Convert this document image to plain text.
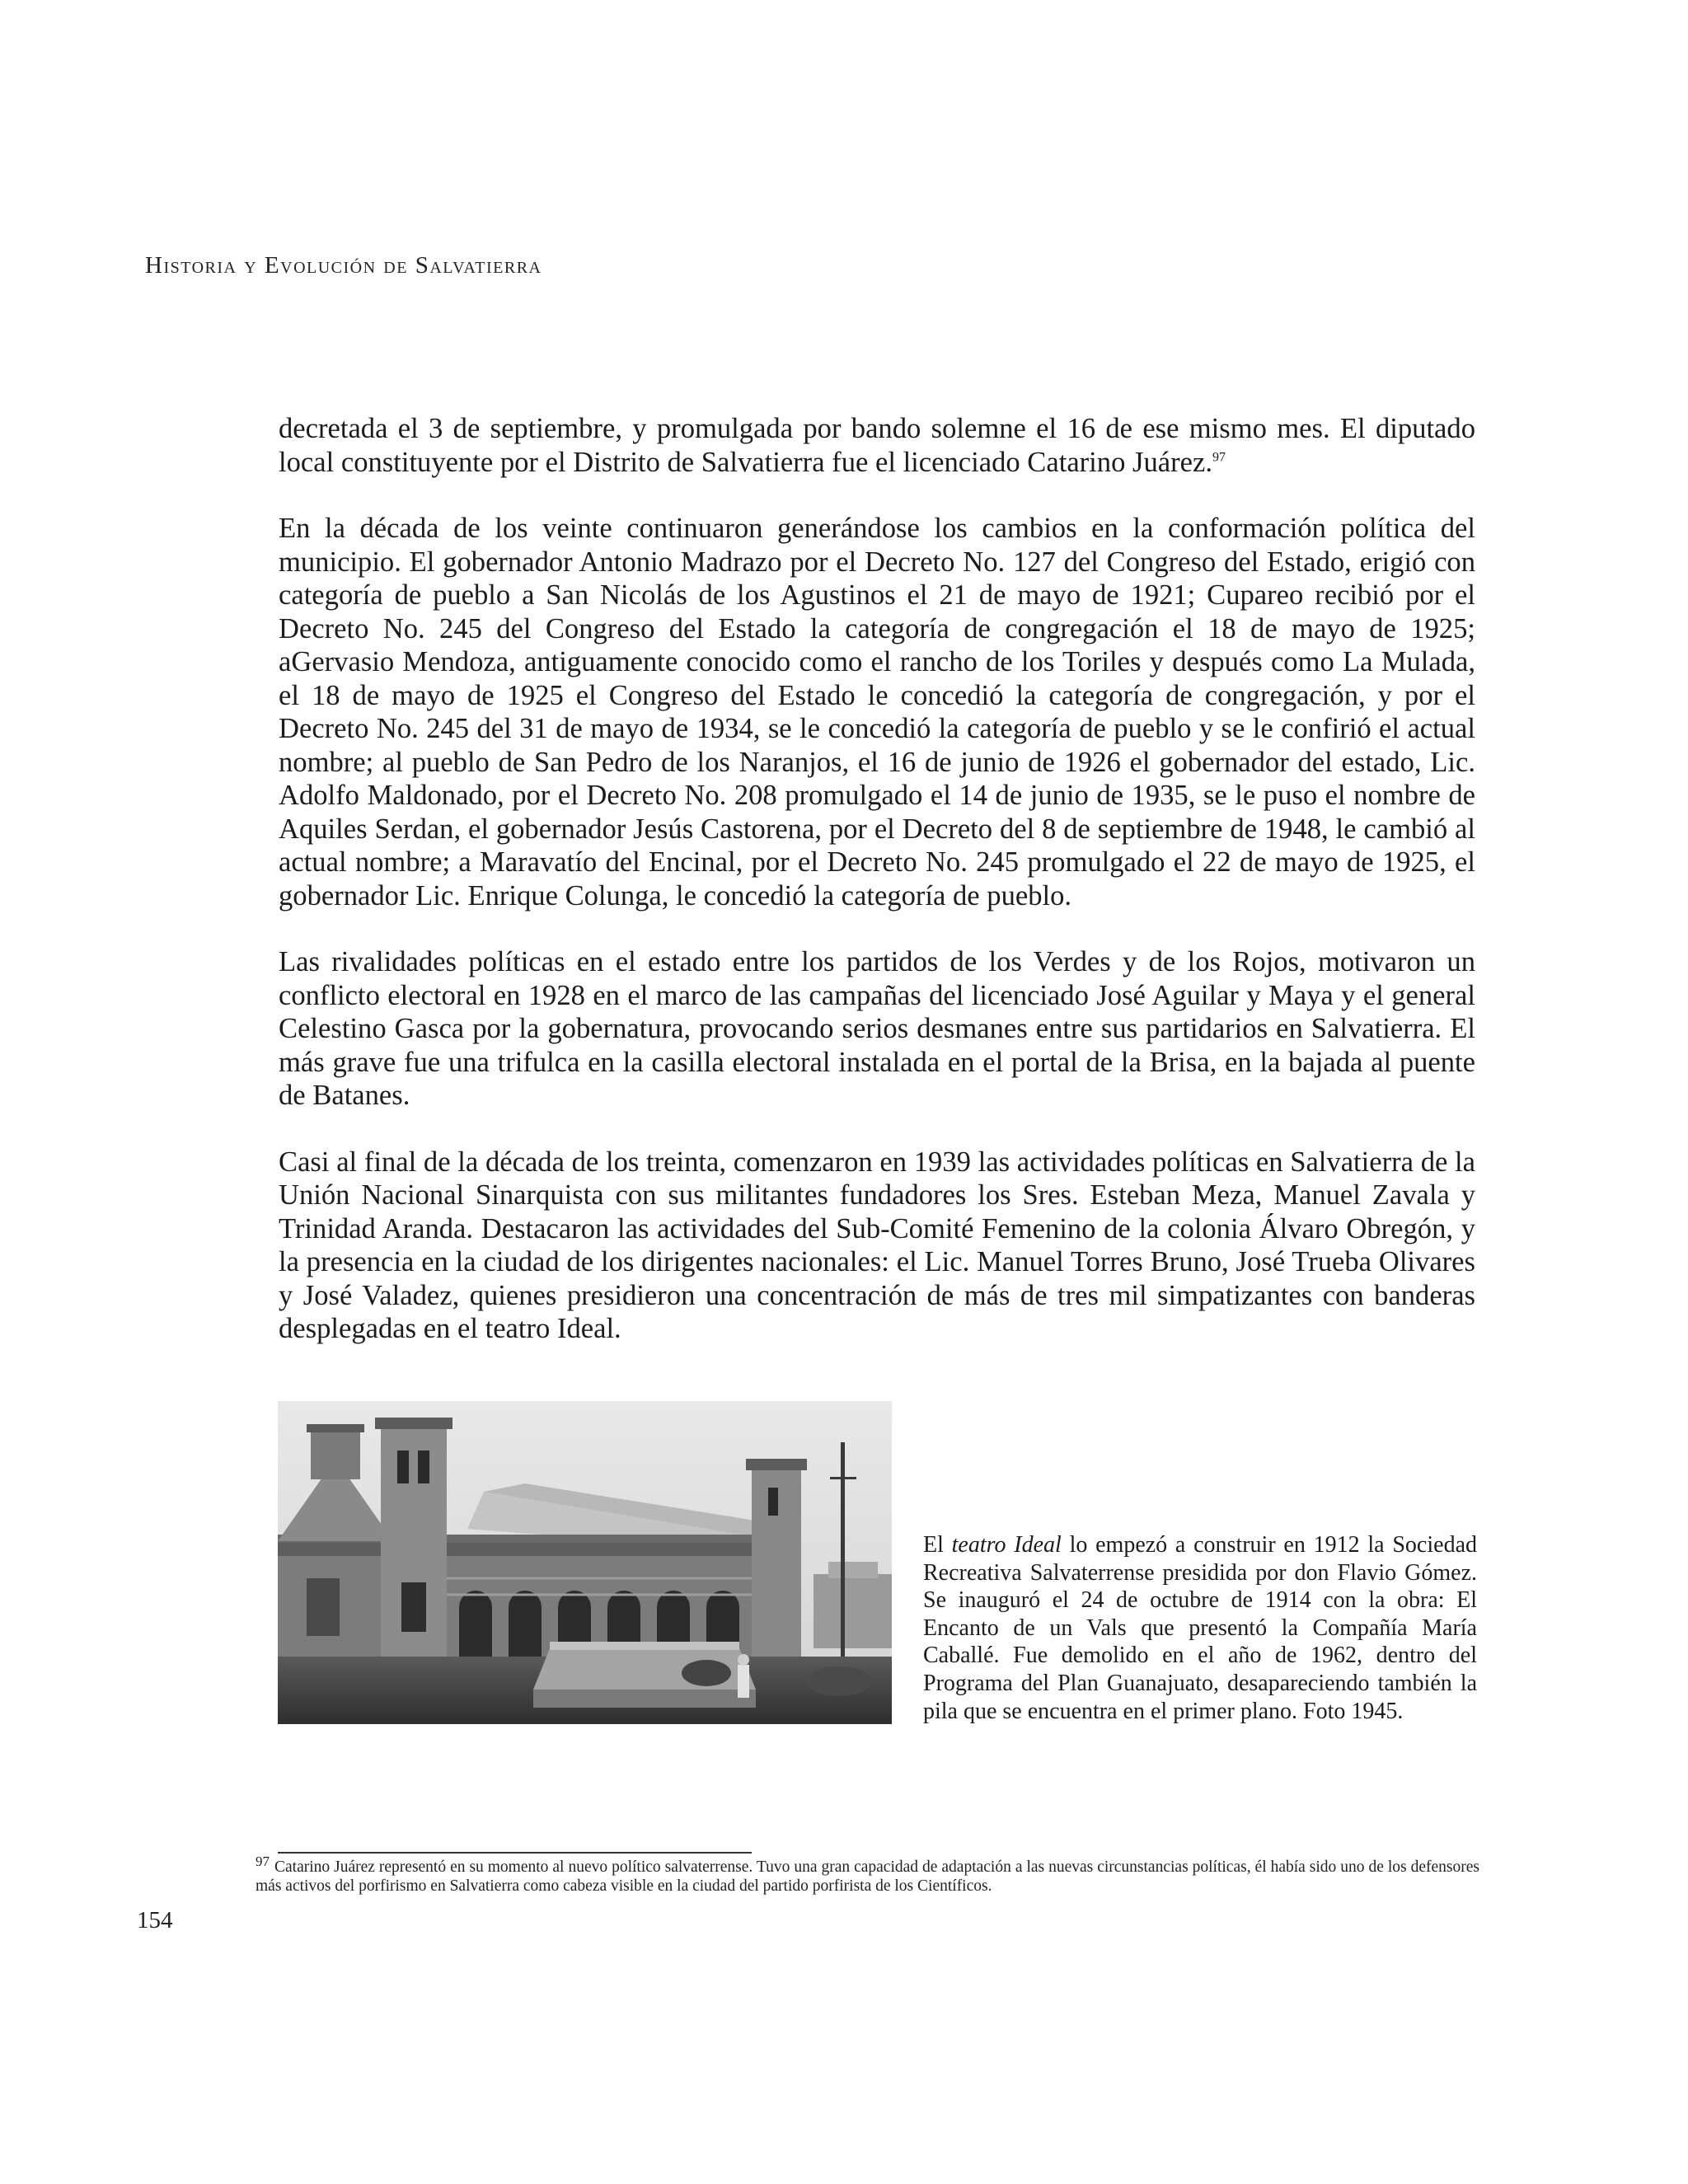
Historia y Evolución de Salvatierra

decretada el 3 de septiembre, y promulgada por bando solemne el 16 de ese mismo mes. El diputado local constituyente por el Distrito de Salvatierra fue el licenciado Catarino Juárez.$^{97}$

En la década de los veinte continuaron generándose los cambios en la conformación política del municipio. El gobernador Antonio Madrazo por el Decreto No. 127 del Congreso del Estado, erigió con categoría de pueblo a San Nicolás de los Agustinos el 21 de mayo de 1921; Cupareo recibió por el Decreto No. 245 del Congreso del Estado la categoría de congregación el 18 de mayo de 1925; aGervasio Mendoza, antiguamente conocido como el rancho de los Toriles y después como La Mulada, el 18 de mayo de 1925 el Congreso del Estado le concedió la categoría de congregación, y por el Decreto No. 245 del 31 de mayo de 1934, se le concedió la categoría de pueblo y se le confirió el actual nombre; al pueblo de San Pedro de los Naranjos, el 16 de junio de 1926 el gobernador del estado, Lic. Adolfo Maldonado, por el Decreto No. 208 promulgado el 14 de junio de 1935, se le puso el nombre de Aquiles Serdan, el gobernador Jesús Castorena, por el Decreto del 8 de septiembre de 1948, le cambió al actual nombre; a Maravatío del Encinal, por el Decreto No. 245 promulgado el 22 de mayo de 1925, el gobernador Lic. Enrique Colunga, le concedió la categoría de pueblo.

Las rivalidades políticas en el estado entre los partidos de los Verdes y de los Rojos, motivaron un conflicto electoral en 1928 en el marco de las campañas del licenciado José Aguilar y Maya y el general Celestino Gasca por la gobernatura, provocando serios desmanes entre sus partidarios en Salvatierra. El más grave fue una trifulca en la casilla electoral instalada en el portal de la Brisa, en la bajada al puente de Batanes.

Casi al final de la década de los treinta, comenzaron en 1939 las actividades políticas en Salvatierra de la Unión Nacional Sinarquista con sus militantes fundadores los Sres. Esteban Meza, Manuel Zavala y Trinidad Aranda. Destacaron las actividades del Sub-Comité Femenino de la colonia Álvaro Obregón, y la presencia en la ciudad de los dirigentes nacionales: el Lic. Manuel Torres Bruno, José Trueba Olivares y José Valadez, quienes presidieron una concentración de más de tres mil simpatizantes con banderas desplegadas en el teatro Ideal.

El teatro Ideal lo empezó a construir en 1912 la Sociedad Recreativa Salvaterrense presidida por don Flavio Gómez. Se inauguró el 24 de octubre de 1914 con la obra: El Encanto de un Vals que presentó la Compañía María Caballé. Fue demolido en el año de 1962, dentro del Programa del Plan Guanajuato, desapareciendo también la pila que se encuentra en el primer plano. Foto 1945.
97 Catarino Juárez representó en su momento al nuevo político salvaterrense. Tuvo una gran capacidad de adaptación a las nuevas circunstancias políticas, él había sido uno de los defensores más activos del porfirismo en Salvatierra como cabeza visible en la ciudad del partido porfirista de los Científicos.
154
